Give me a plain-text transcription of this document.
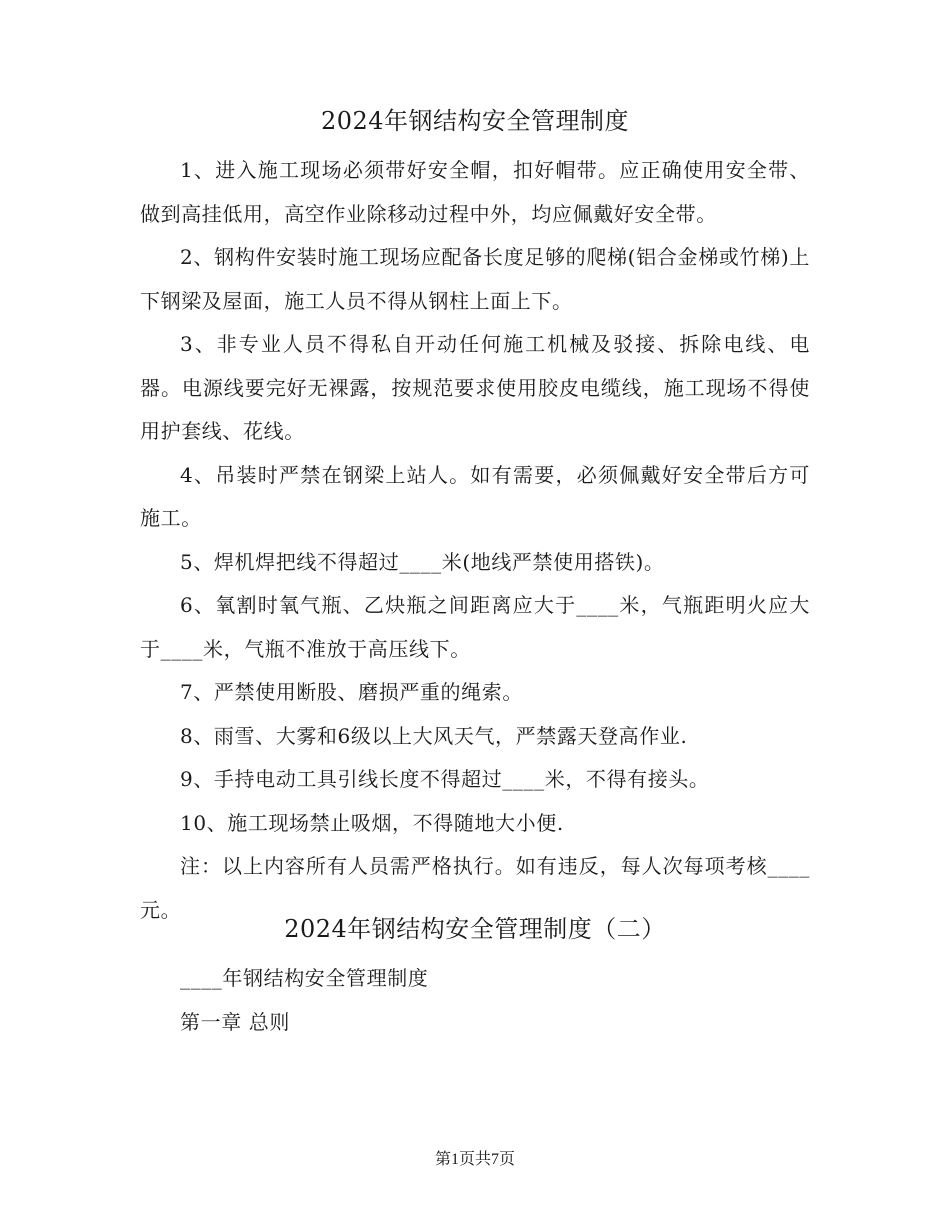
2024年钢结构安全管理制度

1、进入施工现场必须带好安全帽，扣好帽带。应正确使用安全带、做到高挂低用，高空作业除移动过程中外，均应佩戴好安全带。

2、钢构件安装时施工现场应配备长度足够的爬梯(铝合金梯或竹梯)上下钢梁及屋面，施工人员不得从钢柱上面上下。

3、非专业人员不得私自开动任何施工机械及驳接、拆除电线、电器。电源线要完好无裸露，按规范要求使用胶皮电缆线，施工现场不得使用护套线、花线。

4、吊装时严禁在钢梁上站人。如有需要，必须佩戴好安全带后方可施工。

5、焊机焊把线不得超过____米(地线严禁使用搭铁)。

6、氧割时氧气瓶、乙炔瓶之间距离应大于____米，气瓶距明火应大于____米，气瓶不准放于高压线下。

7、严禁使用断股、磨损严重的绳索。

8、雨雪、大雾和6级以上大风天气，严禁露天登高作业.

9、手持电动工具引线长度不得超过____米，不得有接头。

10、施工现场禁止吸烟，不得随地大小便.

注：以上内容所有人员需严格执行。如有违反，每人次每项考核____元。

2024年钢结构安全管理制度（二）

____年钢结构安全管理制度

第一章 总则

第1页共7页
